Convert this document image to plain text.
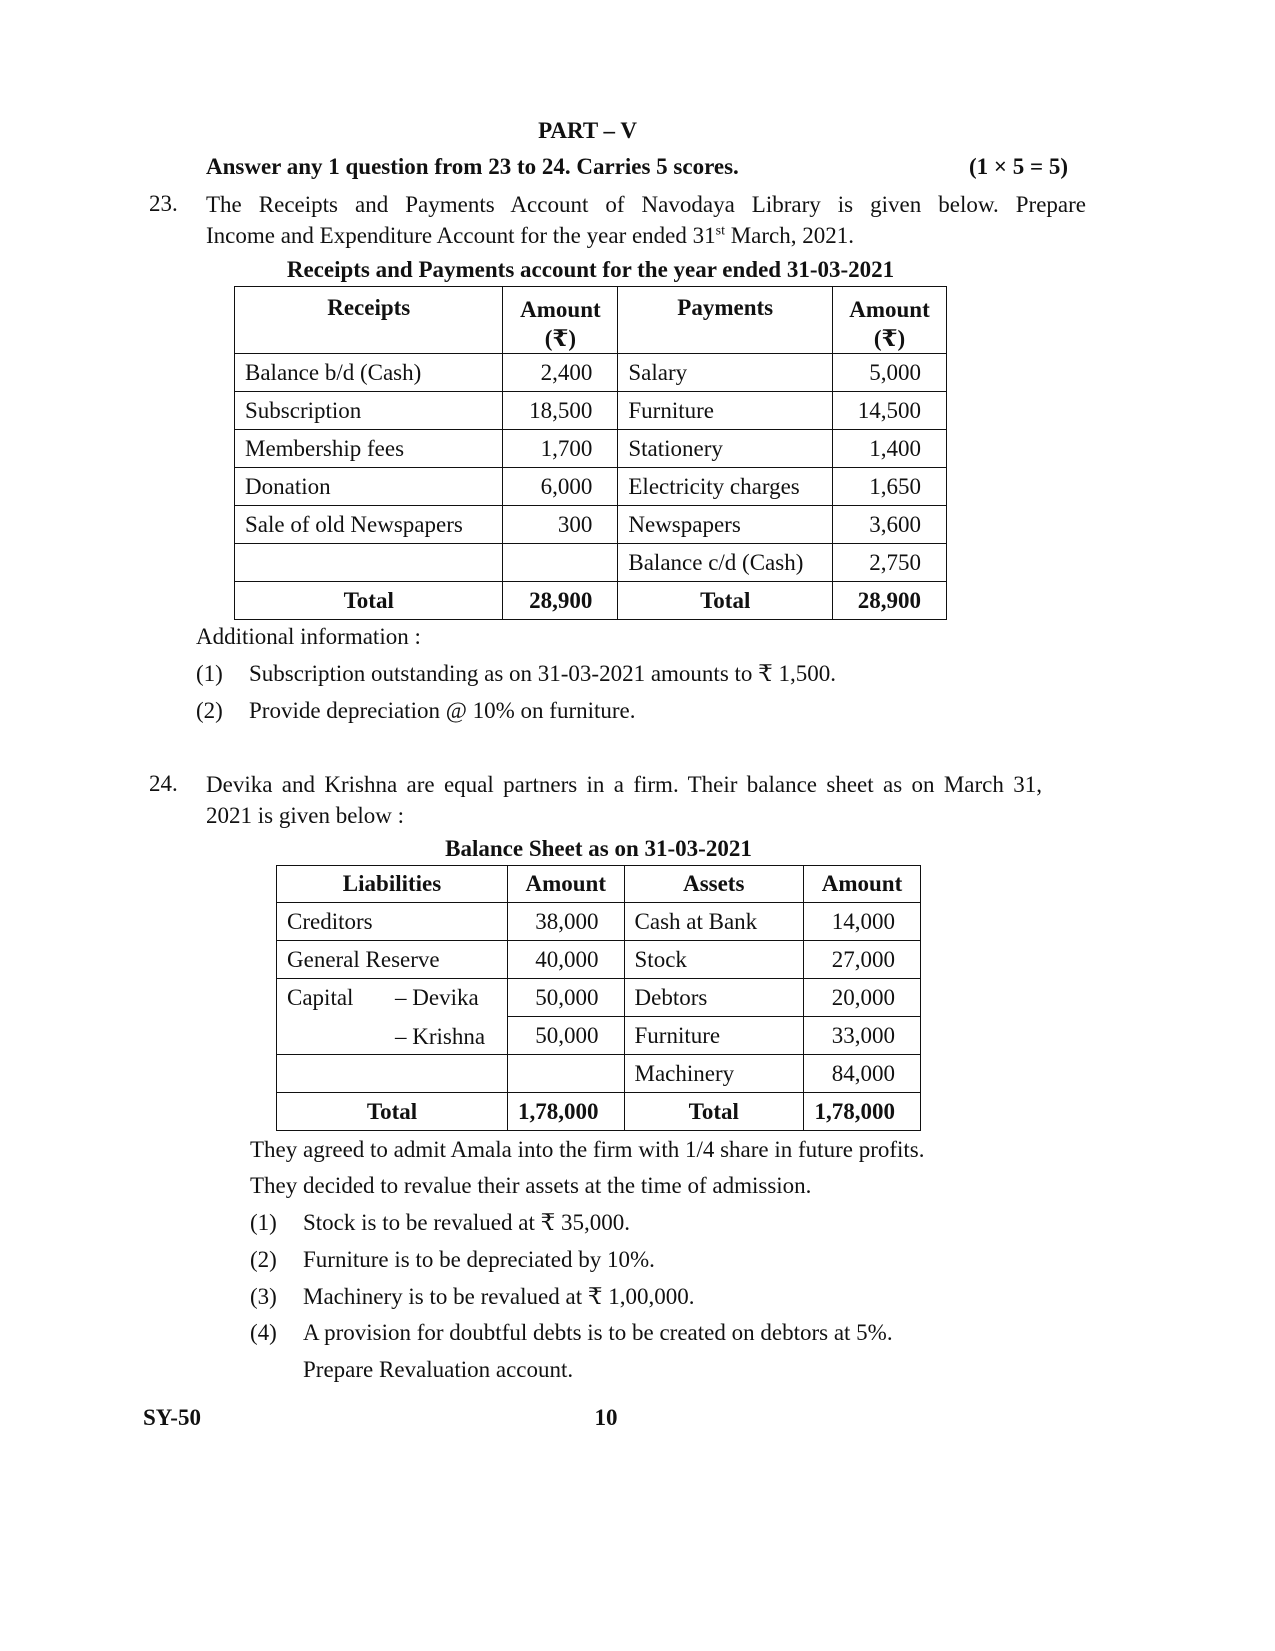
PART – V
Answer any 1 question from 23 to 24. Carries 5 scores.	(1 × 5 = 5)
23. The Receipts and Payments Account of Navodaya Library is given below. Prepare
Income and Expenditure Account for the year ended 31st March, 2021.
Receipts and Payments account for the year ended 31-03-2021
Receipts	Amount (₹)	Payments	Amount (₹)
Balance b/d (Cash)	2,400	Salary	5,000
Subscription	18,500	Furniture	14,500
Membership fees	1,700	Stationery	1,400
Donation	6,000	Electricity charges	1,650
Sale of old Newspapers	300	Newspapers	3,600
		Balance c/d (Cash)	2,750
Total	28,900	Total	28,900
Additional information :
(1) Subscription outstanding as on 31-03-2021 amounts to ₹ 1,500.
(2) Provide depreciation @ 10% on furniture.
24. Devika and Krishna are equal partners in a firm. Their balance sheet as on March 31,
2021 is given below :
Balance Sheet as on 31-03-2021
Liabilities	Amount	Assets	Amount
Creditors	38,000	Cash at Bank	14,000
General Reserve	40,000	Stock	27,000
Capital – Devika	50,000	Debtors	20,000

– Krishna	50,000	Furniture	33,000
		Machinery	84,000
Total	1,78,000	Total	1,78,000
They agreed to admit Amala into the firm with 1/4 share in future profits.
They decided to revalue their assets at the time of admission.
(1) Stock is to be revalued at ₹ 35,000.
(2) Furniture is to be depreciated by 10%.
(3) Machinery is to be revalued at ₹ 1,00,000.
(4) A provision for doubtful debts is to be created on debtors at 5%.
Prepare Revaluation account.
SY-50	10
